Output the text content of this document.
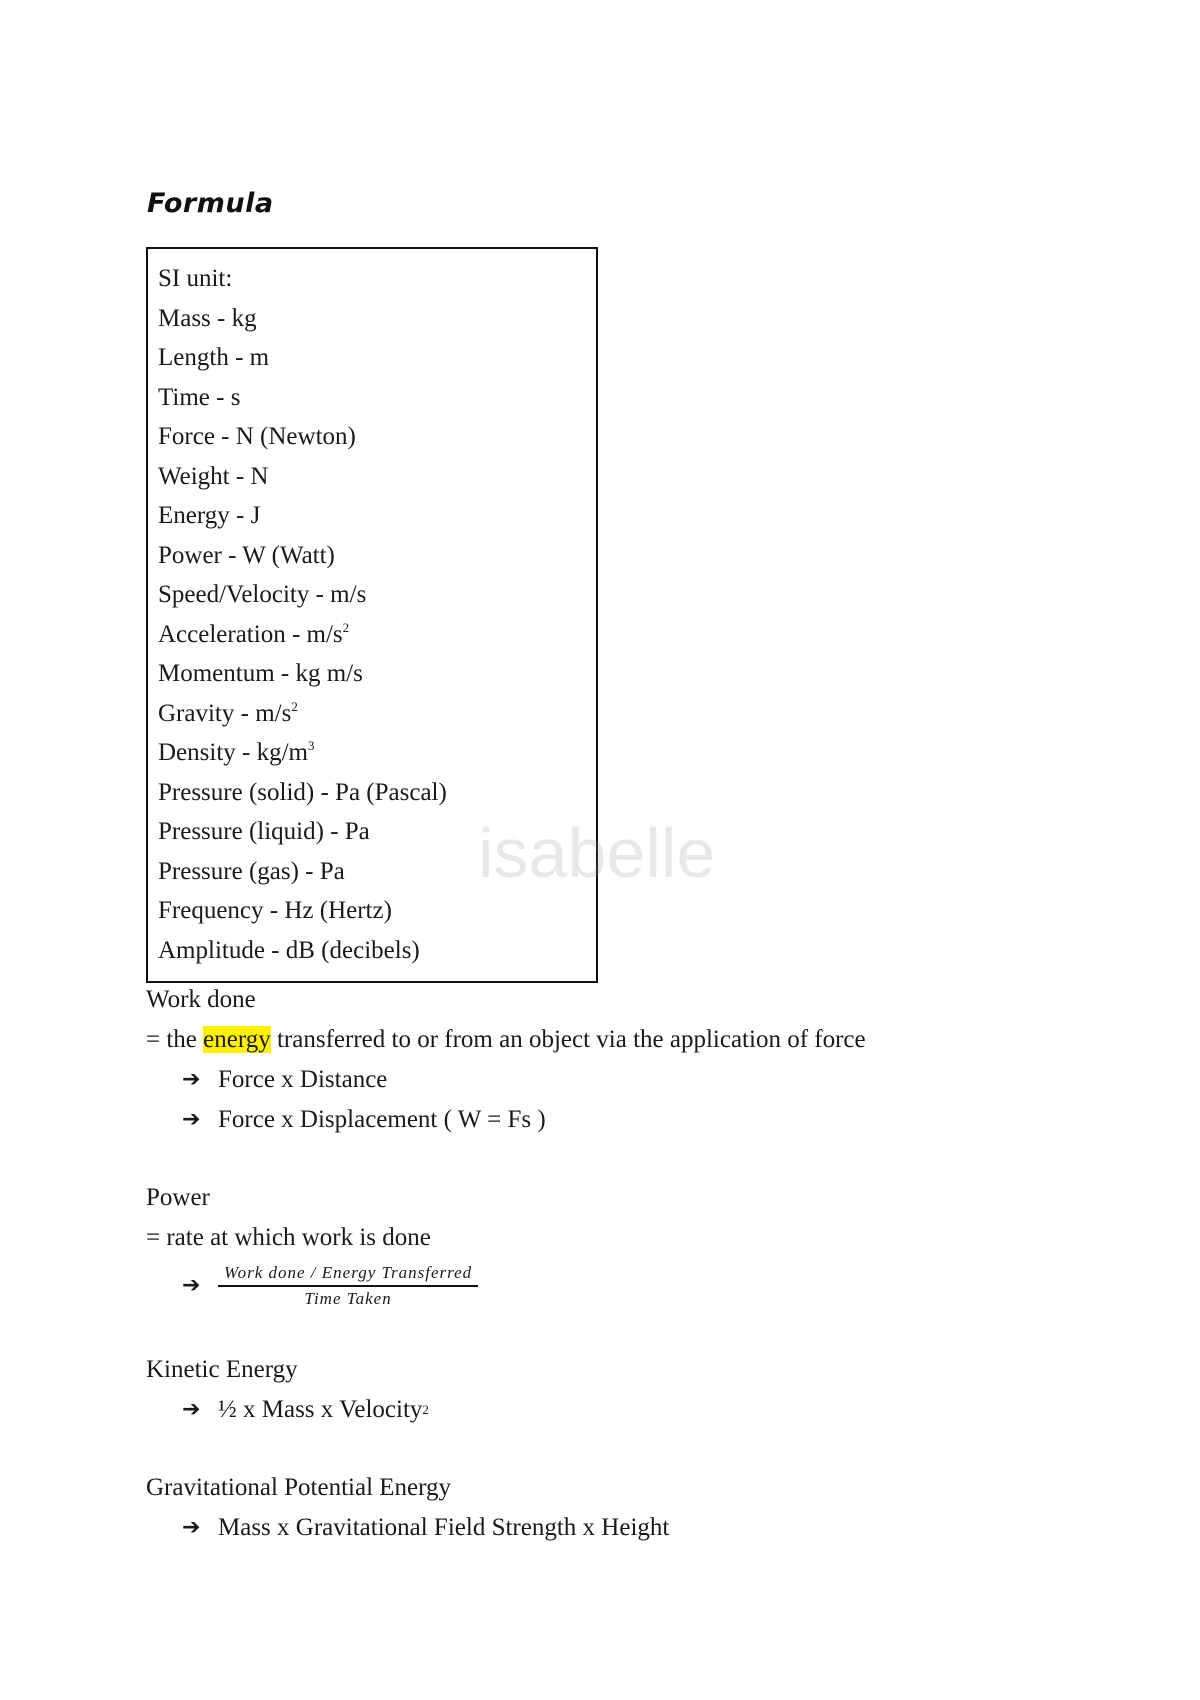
Formula
SI unit:
Mass - kg
Length - m
Time - s
Force - N (Newton)
Weight - N
Energy - J
Power - W (Watt)
Speed/Velocity - m/s
Acceleration - $m/s^2$
Momentum - kg m/s
Gravity - $m/s^2$
Density - $kg/m^3$
Pressure (solid) - Pa (Pascal)
Pressure (liquid) - Pa
Pressure (gas) - Pa
Frequency - Hz (Hertz)
Amplitude - dB (decibels)
isabelle
Work done
= the energy transferred to or from an object via the application of force
➔ Force x Distance
➔ Force x Displacement ( W = Fs )
Power
= rate at which work is done
➔	$\frac{\text{Work done / Energy Transferred}}{\text{Time Taken}}$
Kinetic Energy
➔ ½ x Mass x Velocity 2
Gravitational Potential Energy
➔ Mass x Gravitational Field Strength x Height
